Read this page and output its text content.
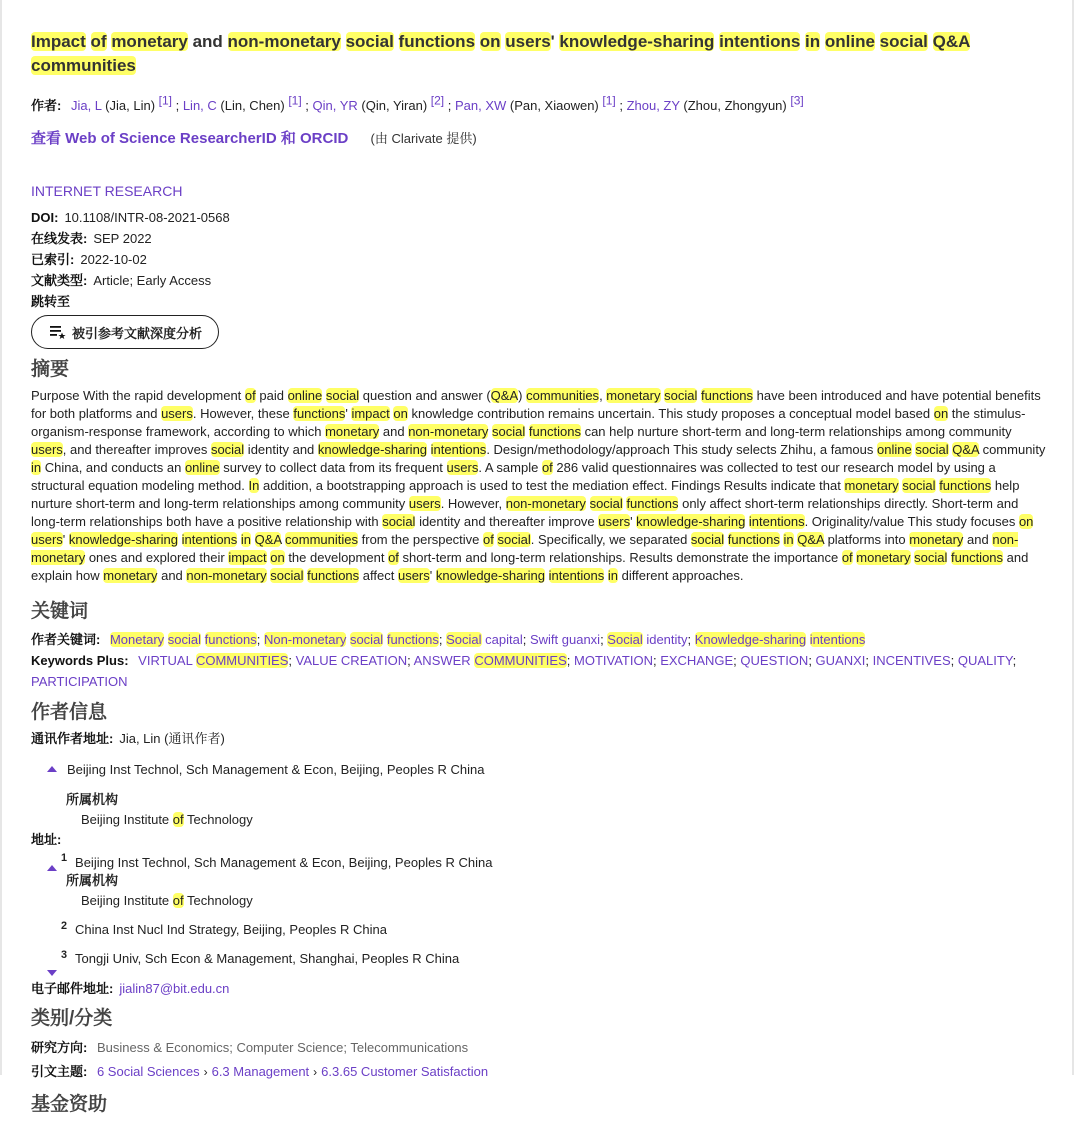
Impact of monetary and non-monetary social functions on users' knowledge-sharing intentions in online social Q&A communities
作者: Jia, L (Jia, Lin) [1] ; Lin, C (Lin, Chen) [1] ; Qin, YR (Qin, Yiran) [2] ; Pan, XW (Pan, Xiaowen) [1] ; Zhou, ZY (Zhou, Zhongyun) [3]
查看 Web of Science ResearcherID 和 ORCID (由 Clarivate 提供)
INTERNET RESEARCH
DOI: 10.1108/INTR-08-2021-0568
在线发表: SEP 2022
已索引: 2022-10-02
文献类型: Article; Early Access
跳转至
被引参考文献深度分析
摘要

Purpose With the rapid development of paid online social question and answer (Q&A) communities, monetary social functions have been introduced and have potential benefits for both platforms and users. However, these functions' impact on knowledge contribution remains uncertain. This study proposes a conceptual model based on the stimulus-organism-response framework, according to which monetary and non-monetary social functions can help nurture short-term and long-term relationships among community users, and thereafter improves social identity and knowledge-sharing intentions. Design/methodology/approach This study selects Zhihu, a famous online social Q&A community in China, and conducts an online survey to collect data from its frequent users. A sample of 286 valid questionnaires was collected to test our research model by using a structural equation modeling method. In addition, a bootstrapping approach is used to test the mediation effect. Findings Results indicate that monetary social functions help nurture short-term and long-term relationships among community users. However, non-monetary social functions only affect short-term relationships directly. Short-term and long-term relationships both have a positive relationship with social identity and thereafter improve users' knowledge-sharing intentions. Originality/value This study focuses on users' knowledge-sharing intentions in Q&A communities from the perspective of social. Specifically, we separated social functions in Q&A platforms into monetary and non-monetary ones and explored their impact on the development of short-term and long-term relationships. Results demonstrate the importance of monetary social functions and explain how monetary and non-monetary social functions affect users' knowledge-sharing intentions in different approaches.

关键词
作者关键词: Monetary social functions; Non-monetary social functions; Social capital; Swift guanxi; Social identity; Knowledge-sharing intentions
Keywords Plus: VIRTUAL COMMUNITIES; VALUE CREATION; ANSWER COMMUNITIES; MOTIVATION; EXCHANGE; QUESTION; GUANXI; INCENTIVES; QUALITY; PARTICIPATION
作者信息
通讯作者地址: Jia, Lin (通讯作者)
Beijing Inst Technol, Sch Management & Econ, Beijing, Peoples R China
所属机构
Beijing Institute of Technology
地址:
$^1$ Beijing Inst Technol, Sch Management & Econ, Beijing, Peoples R China
所属机构
Beijing Institute of Technology
$^2$ China Inst Nucl Ind Strategy, Beijing, Peoples R China
$^3$ Tongji Univ, Sch Econ & Management, Shanghai, Peoples R China
电子邮件地址: jialin87@bit.edu.cn
类别/分类
研究方向: Business & Economics; Computer Science; Telecommunications
引文主题: 6 Social Sciences › 6.3 Management › 6.3.65 Customer Satisfaction
基金资助
